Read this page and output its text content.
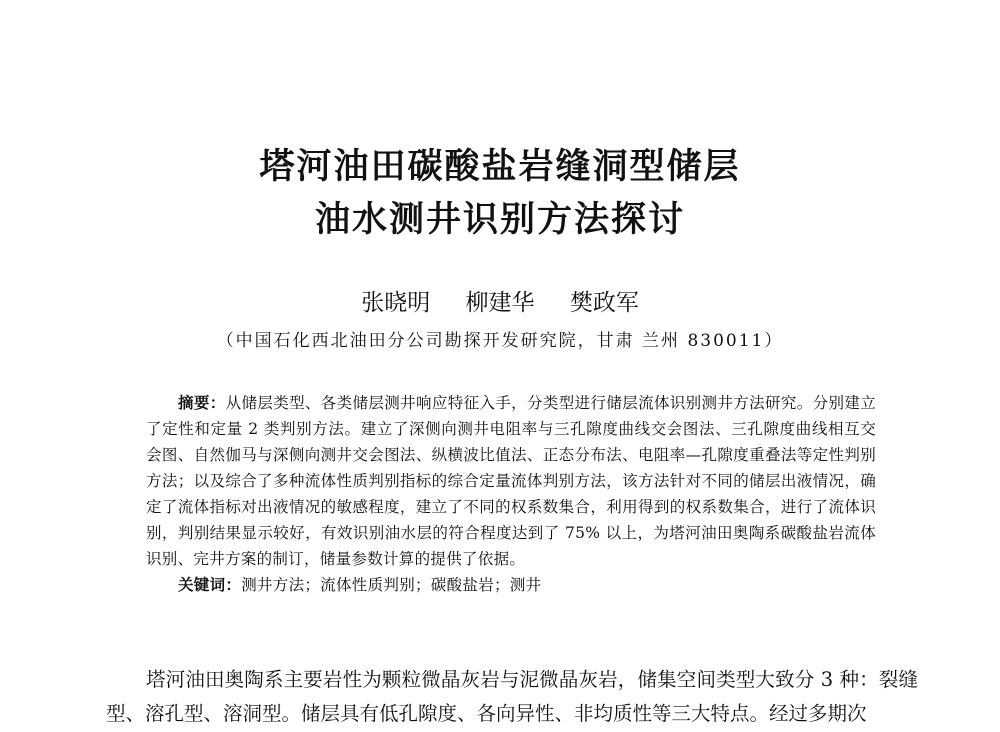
塔河油田碳酸盐岩缝洞型储层
油水测井识别方法探讨
张晓明 柳建华 樊政军
（中国石化西北油田分公司勘探开发研究院，甘肃 兰州 830011）

摘要：从储层类型、各类储层测井响应特征入手，分类型进行储层流体识别测井方法研究。分别建立了定性和定量 2 类判别方法。建立了深侧向测井电阻率与三孔隙度曲线交会图法、三孔隙度曲线相互交会图、自然伽马与深侧向测井交会图法、纵横波比值法、正态分布法、电阻率—孔隙度重叠法等定性判别方法；以及综合了多种流体性质判别指标的综合定量流体判别方法，该方法针对不同的储层出液情况，确定了流体指标对出液情况的敏感程度，建立了不同的权系数集合，利用得到的权系数集合，进行了流体识别，判别结果显示较好，有效识别油水层的符合程度达到了 75% 以上，为塔河油田奥陶系碳酸盐岩流体识别、完井方案的制订，储量参数计算的提供了依据。

关键词：测井方法；流体性质判别；碳酸盐岩；测井

塔河油田奥陶系主要岩性为颗粒微晶灰岩与泥微晶灰岩，储集空间类型大致分 3 种：裂缝型、溶孔型、溶洞型。储层具有低孔隙度、各向异性、非均质性等三大特点。经过多期次
